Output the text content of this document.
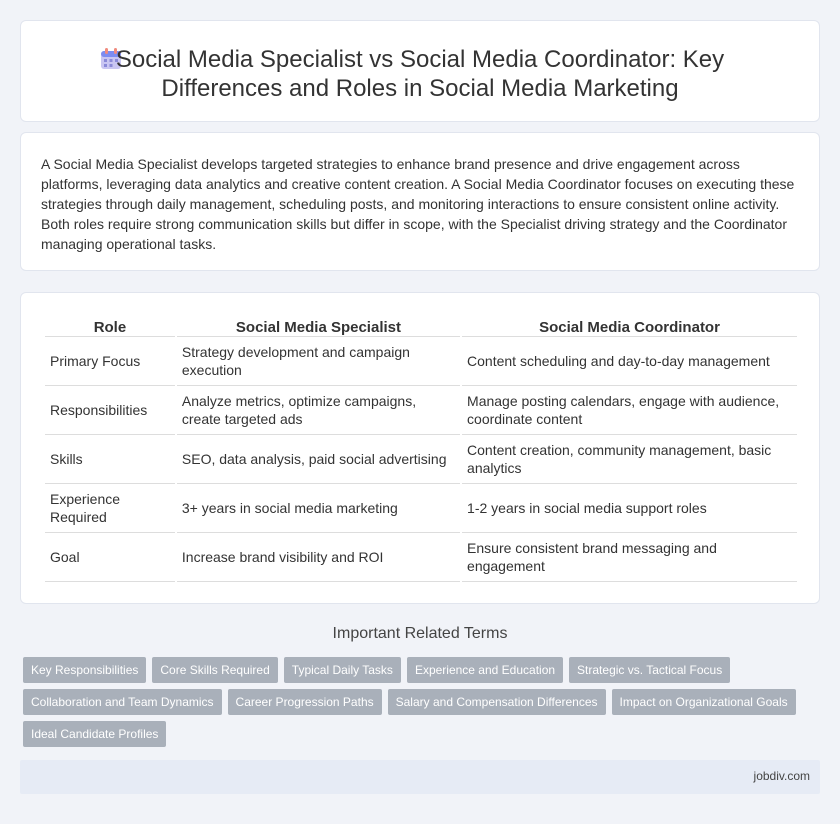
Social Media Specialist vs Social Media Coordinator: Key Differences and Roles in Social Media Marketing

A Social Media Specialist develops targeted strategies to enhance brand presence and drive engagement across platforms, leveraging data analytics and creative content creation. A Social Media Coordinator focuses on executing these strategies through daily management, scheduling posts, and monitoring interactions to ensure consistent online activity. Both roles require strong communication skills but differ in scope, with the Specialist driving strategy and the Coordinator managing operational tasks.

Role	Social Media Specialist	Social Media Coordinator
Primary Focus	Strategy development and campaign execution	Content scheduling and day-to-day management
Responsibilities	Analyze metrics, optimize campaigns, create targeted ads	Manage posting calendars, engage with audience, coordinate content
Skills	SEO, data analysis, paid social advertising	Content creation, community management, basic analytics
Experience Required	3+ years in social media marketing	1-2 years in social media support roles
Goal	Increase brand visibility and ROI	Ensure consistent brand messaging and engagement
Important Related Terms
Key Responsibilities	Core Skills Required	Typical Daily Tasks	Experience and Education	Strategic vs. Tactical Focus
Collaboration and Team Dynamics	Career Progression Paths	Salary and Compensation Differences	Impact on Organizational Goals
Ideal Candidate Profiles
jobdiv.com
